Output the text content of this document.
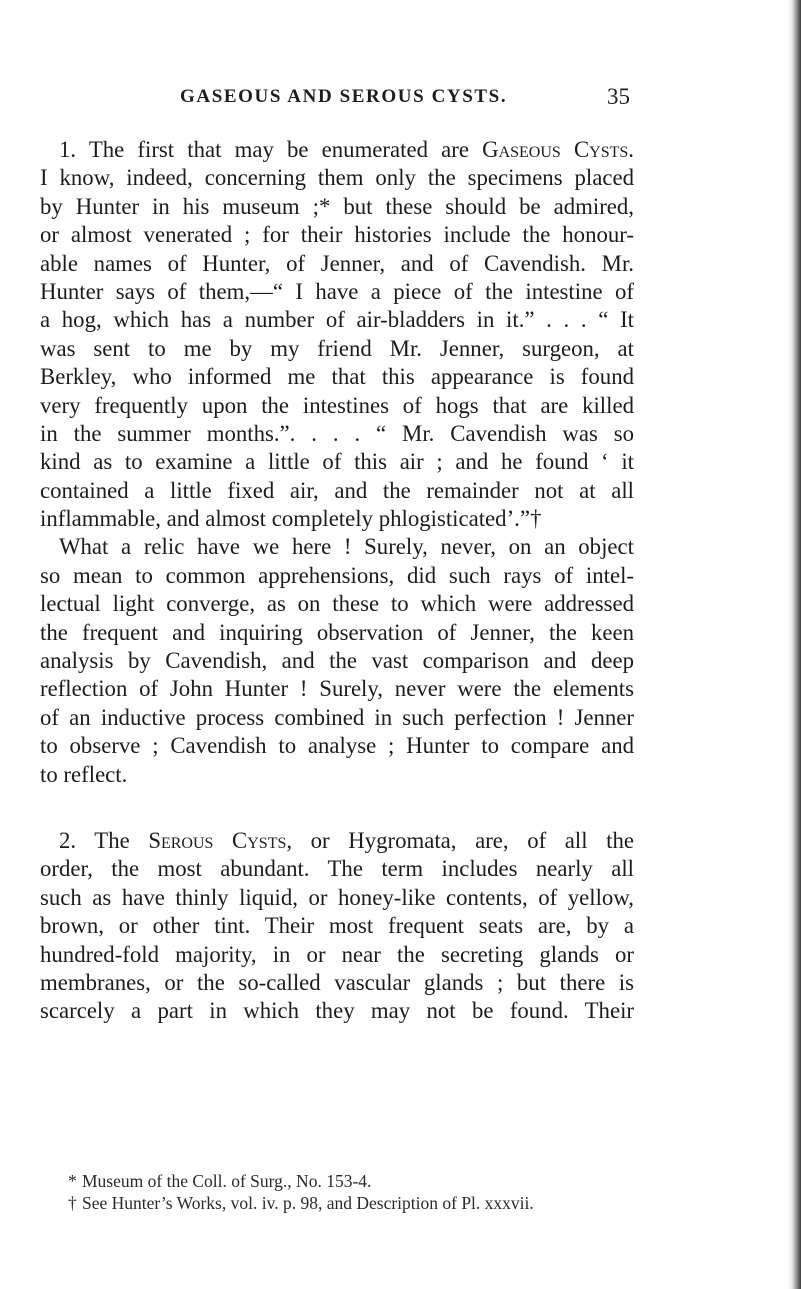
GASEOUS AND SEROUS CYSTS.	35
1. The first that may be enumerated are Gaseous Cysts.
I know, indeed, concerning them only the specimens placed
by Hunter in his museum ;* but these should be admired,
or almost venerated ; for their histories include the honour-
able names of Hunter, of Jenner, and of Cavendish. Mr.
Hunter says of them,—“ I have a piece of the intestine of
a hog, which has a number of air-bladders in it.” . . . “ It
was sent to me by my friend Mr. Jenner, surgeon, at
Berkley, who informed me that this appearance is found
very frequently upon the intestines of hogs that are killed
in the summer months.”. . . . “ Mr. Cavendish was so
kind as to examine a little of this air ; and he found ‘ it
contained a little fixed air, and the remainder not at all
inflammable, and almost completely phlogisticated’.”†
What a relic have we here ! Surely, never, on an object
so mean to common apprehensions, did such rays of intel-
lectual light converge, as on these to which were addressed
the frequent and inquiring observation of Jenner, the keen
analysis by Cavendish, and the vast comparison and deep
reflection of John Hunter ! Surely, never were the elements
of an inductive process combined in such perfection ! Jenner
to observe ; Cavendish to analyse ; Hunter to compare and
to reflect.
2. The Serous Cysts, or Hygromata, are, of all the
order, the most abundant. The term includes nearly all
such as have thinly liquid, or honey-like contents, of yellow,
brown, or other tint. Their most frequent seats are, by a
hundred-fold majority, in or near the secreting glands or
membranes, or the so-called vascular glands ; but there is
scarcely a part in which they may not be found. Their
* Museum of the Coll. of Surg., No. 153-4.
† See Hunter’s Works, vol. iv. p. 98, and Description of Pl. xxxvii.
